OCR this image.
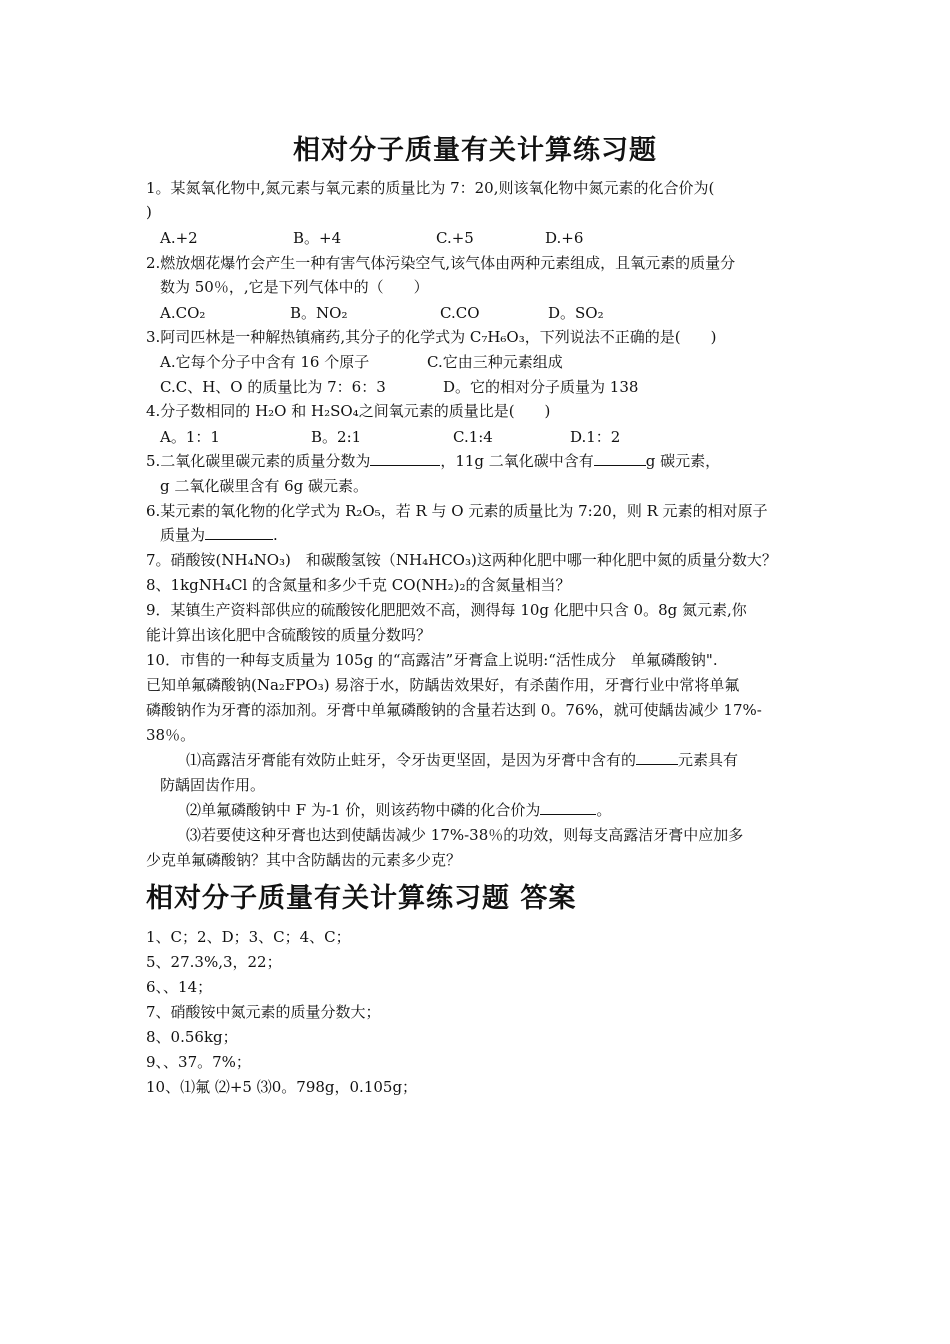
相对分子质量有关计算练习题
1。某氮氧化物中,氮元素与氧元素的质量比为 7：20,则该氧化物中氮元素的化合价为(
)
A.+2	B。+4	C.+5	D.+6
2.燃放烟花爆竹会产生一种有害气体污染空气,该气体由两种元素组成，且氧元素的质量分
数为 50％，,它是下列气体中的（　　）
A.CO₂	B。NO₂	C.CO	D。SO₂
3.阿司匹林是一种解热镇痛药,其分子的化学式为 C₇H₆O₃，下列说法不正确的是(　　)
A.它每个分子中含有 16 个原子	C.它由三种元素组成
C.C、H、O 的质量比为 7：6：3	D。它的相对分子质量为 138
4.分子数相同的 H₂O 和 H₂SO₄之间氧元素的质量比是(　　)
A。1：1	B。2:1	C.1:4	D.1：2
5.二氧化碳里碳元素的质量分数为	，11g 二氧化碳中含有	g 碳元素，
g 二氧化碳里含有 6g 碳元素。
6.某元素的氧化物的化学式为 R₂O₅，若 R 与 O 元素的质量比为 7:20，则 R 元素的相对原子
质量为	.
7。硝酸铵(NH₄NO₃)　和碳酸氢铵（NH₄HCO₃)这两种化肥中哪一种化肥中氮的质量分数大？
8、1kgNH₄Cl 的含氮量和多少千克 CO(NH₂)₂的含氮量相当？
9．某镇生产资料部供应的硫酸铵化肥肥效不高，测得每 10g 化肥中只含 0。8g 氮元素,你
能计算出该化肥中含硫酸铵的质量分数吗？
10．市售的一种每支质量为 105g 的“高露洁”牙膏盒上说明:“活性成分　单氟磷酸钠".
已知单氟磷酸钠(Na₂FPO₃) 易溶于水，防龋齿效果好，有杀菌作用，牙膏行业中常将单氟
磷酸钠作为牙膏的添加剂。牙膏中单氟磷酸钠的含量若达到 0。76%，就可使龋齿减少 17%-
38％。
⑴高露洁牙膏能有效防止蛀牙，令牙齿更坚固，是因为牙膏中含有的	元素具有
防龋固齿作用。
⑵单氟磷酸钠中 F 为-1 价，则该药物中磷的化合价为	。
⑶若要使这种牙膏也达到使龋齿减少 17%-38％的功效，则每支高露洁牙膏中应加多
少克单氟磷酸钠？其中含防龋齿的元素多少克？
相对分子质量有关计算练习题 答案
1、C；2、D；3、C；4、C；
5、27.3%,3，22；
6、、14；
7、硝酸铵中氮元素的质量分数大；
8、0.56kg；
9、、37。7%；
10、⑴氟 ⑵+5 ⑶0。798g，0.105g；
